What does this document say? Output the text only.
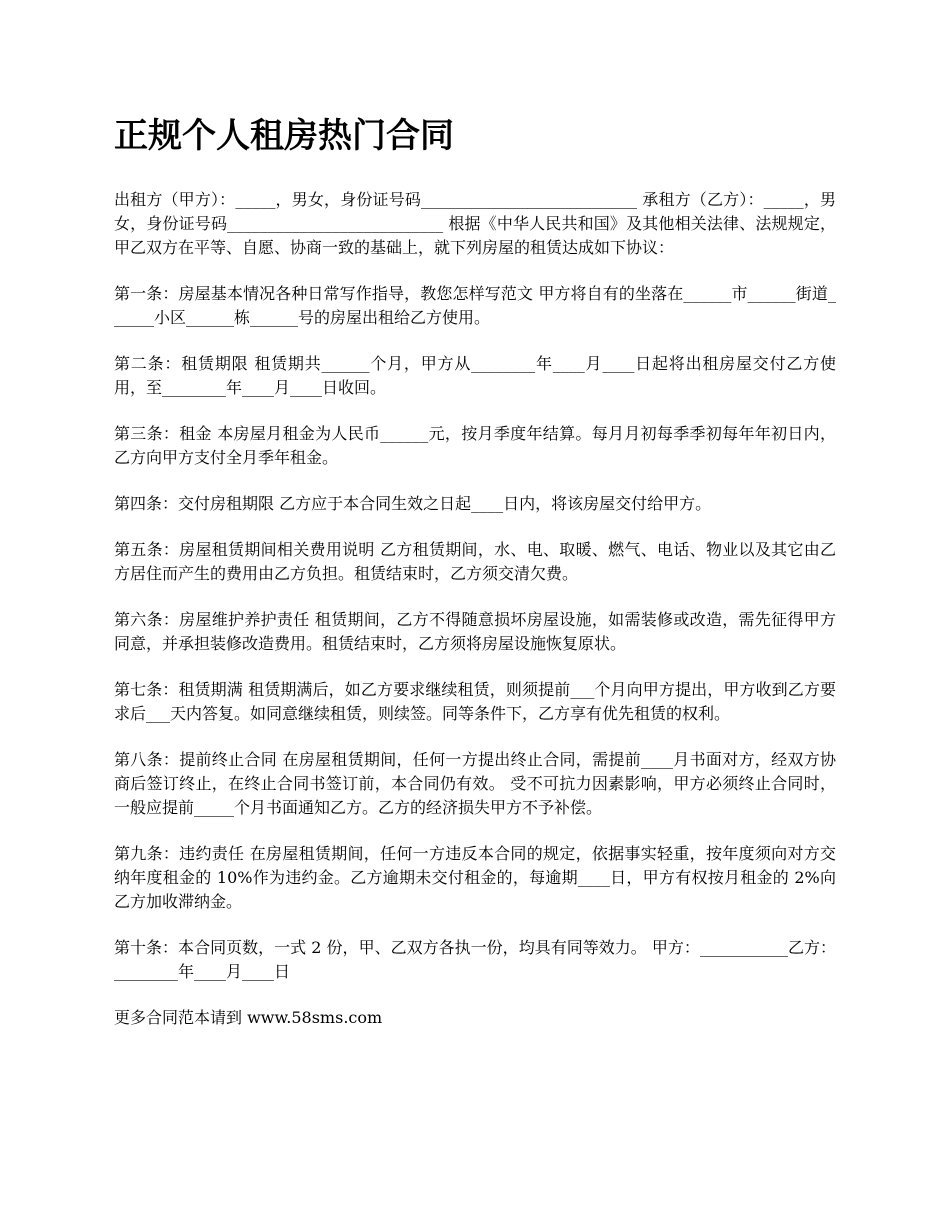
正规个人租房热门合同

出租方（甲方）：_____，男女，身份证号码___________________________ 承租方（乙方）：_____，男女，身份证号码___________________________ 根据《中华人民共和国》及其他相关法律、法规规定，甲乙双方在平等、自愿、协商一致的基础上，就下列房屋的租赁达成如下协议：

第一条：房屋基本情况各种日常写作指导，教您怎样写范文 甲方将自有的坐落在______市______街道______小区______栋______号的房屋出租给乙方使用。

第二条：租赁期限 租赁期共______个月，甲方从________年____月____日起将出租房屋交付乙方使用，至________年____月____日收回。

第三条：租金 本房屋月租金为人民币______元，按月季度年结算。每月月初每季季初每年年初日内，乙方向甲方支付全月季年租金。

第四条：交付房租期限 乙方应于本合同生效之日起____日内，将该房屋交付给甲方。

第五条：房屋租赁期间相关费用说明 乙方租赁期间，水、电、取暖、燃气、电话、物业以及其它由乙方居住而产生的费用由乙方负担。租赁结束时，乙方须交清欠费。

第六条：房屋维护养护责任 租赁期间，乙方不得随意损坏房屋设施，如需装修或改造，需先征得甲方同意，并承担装修改造费用。租赁结束时，乙方须将房屋设施恢复原状。

第七条：租赁期满 租赁期满后，如乙方要求继续租赁，则须提前___个月向甲方提出，甲方收到乙方要求后___天内答复。如同意继续租赁，则续签。同等条件下，乙方享有优先租赁的权利。

第八条：提前终止合同 在房屋租赁期间，任何一方提出终止合同，需提前____月书面对方，经双方协商后签订终止，在终止合同书签订前，本合同仍有效。 受不可抗力因素影响，甲方必须终止合同时，一般应提前_____个月书面通知乙方。乙方的经济损失甲方不予补偿。

第九条：违约责任 在房屋租赁期间，任何一方违反本合同的规定，依据事实轻重，按年度须向对方交纳年度租金的 10%作为违约金。乙方逾期未交付租金的，每逾期____日，甲方有权按月租金的 2%向乙方加收滞纳金。

第十条：本合同页数，一式 2 份，甲、乙双方各执一份，均具有同等效力。 甲方：___________乙方：________年____月____日

更多合同范本请到 www.58sms.com
